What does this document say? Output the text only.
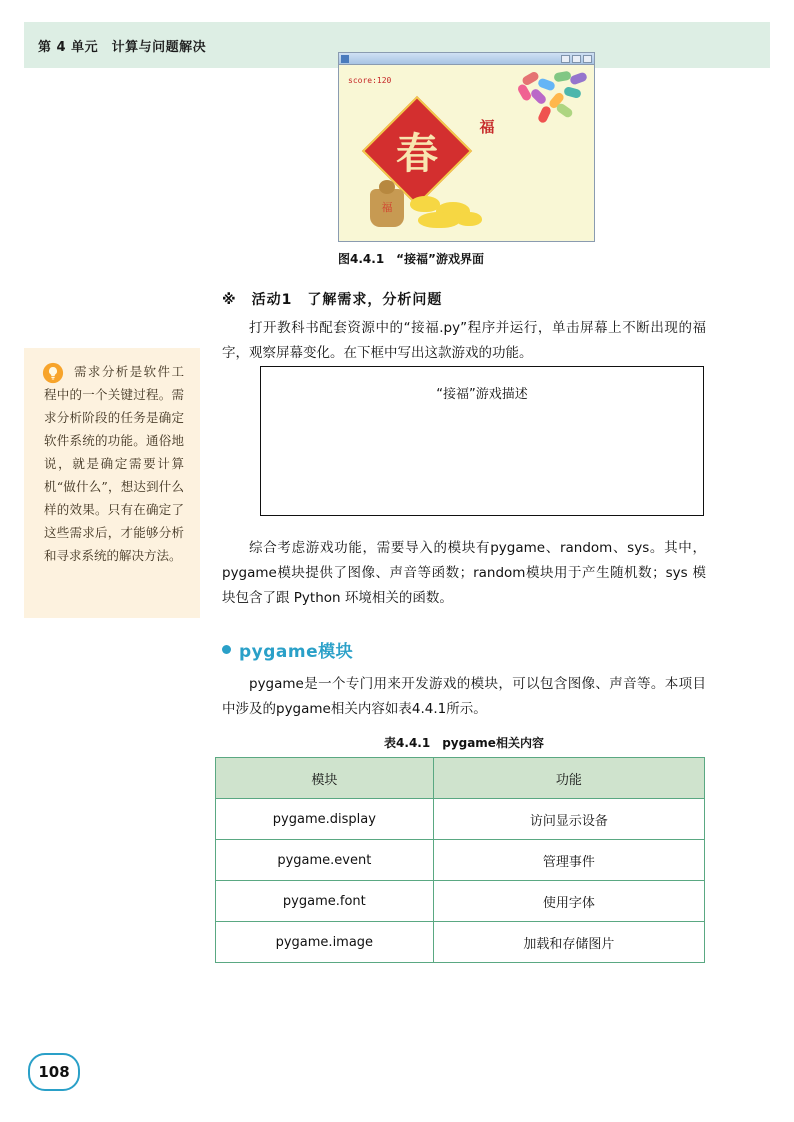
第 4 单元　计算与问题解决
score:120
福
春
福
图4.4.1　“接福”游戏界面
※　活动1　了解需求，分析问题
打开教科书配套资源中的“接福.py”程序并运行，单击屏幕上不断出现的福字，观察屏幕变化。在下框中写出这款游戏的功能。
“接福”游戏描述
综合考虑游戏功能，需要导入的模块有pygame、random、sys。其中，pygame模块提供了图像、声音等函数；random模块用于产生随机数；sys 模块包含了跟 Python 环境相关的函数。
需求分析是软件工程中的一个关键过程。需求分析阶段的任务是确定软件系统的功能。通俗地说，就是确定需要计算机“做什么”，想达到什么样的效果。只有在确定了这些需求后，才能够分析和寻求系统的解决方法。
pygame模块
pygame是一个专门用来开发游戏的模块，可以包含图像、声音等。本项目中涉及的pygame相关内容如表4.4.1所示。
表4.4.1　pygame相关内容
模块	功能
pygame.display	访问显示设备
pygame.event	管理事件
pygame.font	使用字体
pygame.image	加载和存储图片
108
